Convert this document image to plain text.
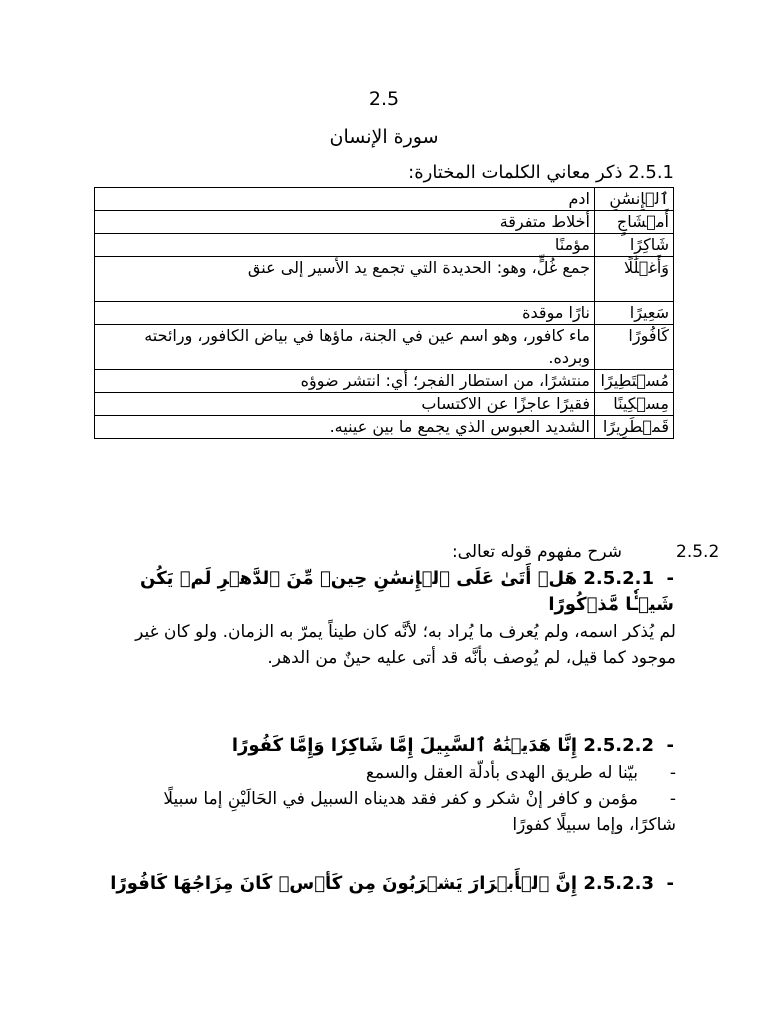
2.5
سورة الإنسان
2.5.1 ذكر معاني الكلمات المختارة:
ٱلۡإِنسَٰنِ	ادم
أَمۡشَاجٍ	أخلاط متفرقة
شَاكِرًا	مؤمنًا
وَأَغۡلَٰلًا	جمع غُلٍّ، وهو: الحديدة التي تجمع يد الأسير إلى عنق
سَعِيرًا	نارًا موقدة
كَافُورًا	ماء كافور، وهو اسم عين في الجنة، ماؤها في بياض الكافور، ورائحته وبرده.
مُسۡتَطِيرًا	منتشرًا، من استطار الفجر؛ أي: انتشر ضوؤه
مِسۡكِينًا	فقيرًا عاجزًا عن الاكتساب
قَمۡطَرِيرًا	الشديد العبوس الذي يجمع ما بين عينيه.
2.5.2
شرح مفهوم قوله تعالى:
-  2.5.2.1 هَلۡ أَتَىٰ عَلَى ٱلۡإِنسَٰنِ حِينٞ مِّنَ ٱلدَّهۡرِ لَمۡ يَكُن شَيۡـٔٗا مَّذۡكُورًا
لم يُذكر اسمه، ولم يُعرف ما يُراد به؛ لأنَّه كان طيناً يمرّ به الزمان. ولو كان غير موجود كما قيل، لم يُوصف بأنَّه قد أتى عليه حينٌ من الدهر.
-  2.5.2.2 إِنَّا هَدَيۡنَٰهُ ٱلسَّبِيلَ إِمَّا شَاكِرٗا وَإِمَّا كَفُورًا
-بيّنا له طريق الهدى بأدلّة العقل والسمع
-مؤمن و كافر إنْ شكر و كفر فقد هديناه السبيل في الحَالَيْنِ إما سبيلًا شاكرًا، وإما سبيلًا كفورًا
-  2.5.2.3 إِنَّ ٱلۡأَبۡرَارَ يَشۡرَبُونَ مِن كَأۡسٖ كَانَ مِزَاجُهَا كَافُورًا
